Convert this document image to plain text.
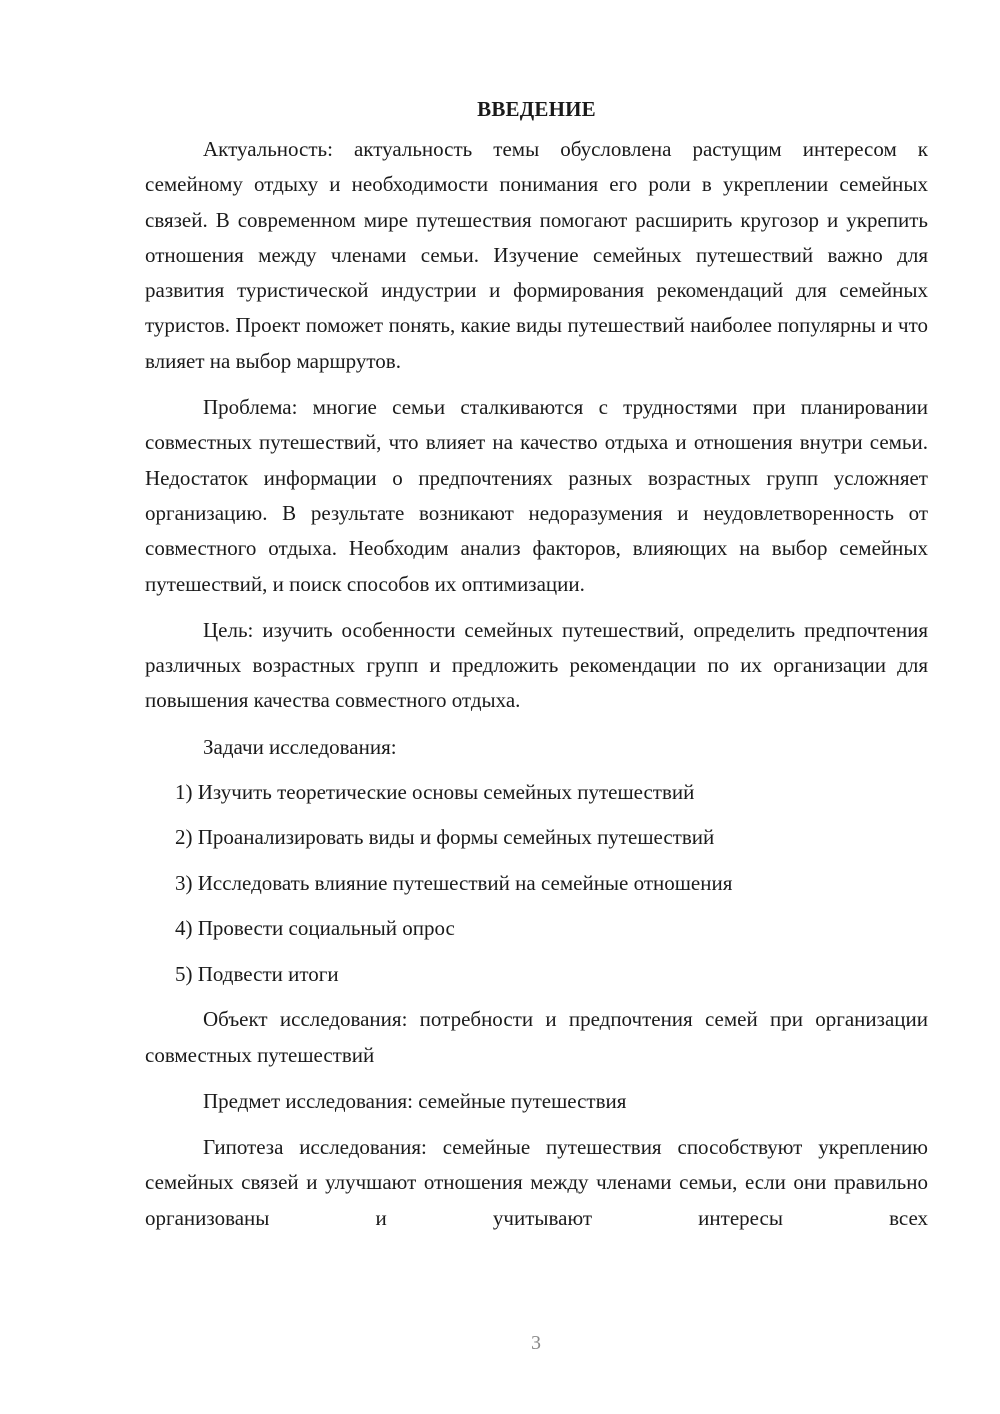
ВВЕДЕНИЕ

Актуальность: актуальность темы обусловлена растущим интересом к семейному отдыху и необходимости понимания его роли в укреплении семейных связей. В современном мире путешествия помогают расширить кругозор и укрепить отношения между членами семьи. Изучение семейных путешествий важно для развития туристической индустрии и формирования рекомендаций для семейных туристов. Проект поможет понять, какие виды путешествий наиболее популярны и что влияет на выбор маршрутов.

Проблема: многие семьи сталкиваются с трудностями при планировании совместных путешествий, что влияет на качество отдыха и отношения внутри семьи. Недостаток информации о предпочтениях разных возрастных групп усложняет организацию. В результате возникают недоразумения и неудовлетворенность от совместного отдыха. Необходим анализ факторов, влияющих на выбор семейных путешествий, и поиск способов их оптимизации.

Цель: изучить особенности семейных путешествий, определить предпочтения различных возрастных групп и предложить рекомендации по их организации для повышения качества совместного отдыха.

Задачи исследования:

1) Изучить теоретические основы семейных путешествий
2) Проанализировать виды и формы семейных путешествий
3) Исследовать влияние путешествий на семейные отношения
4) Провести социальный опрос
5) Подвести итоги

Объект исследования: потребности и предпочтения семей при организации совместных путешествий

Предмет исследования: семейные путешествия

Гипотеза исследования: семейные путешествия способствуют укреплению семейных связей и улучшают отношения между членами семьи, если они правильно организованы и учитывают интересы всех

3
